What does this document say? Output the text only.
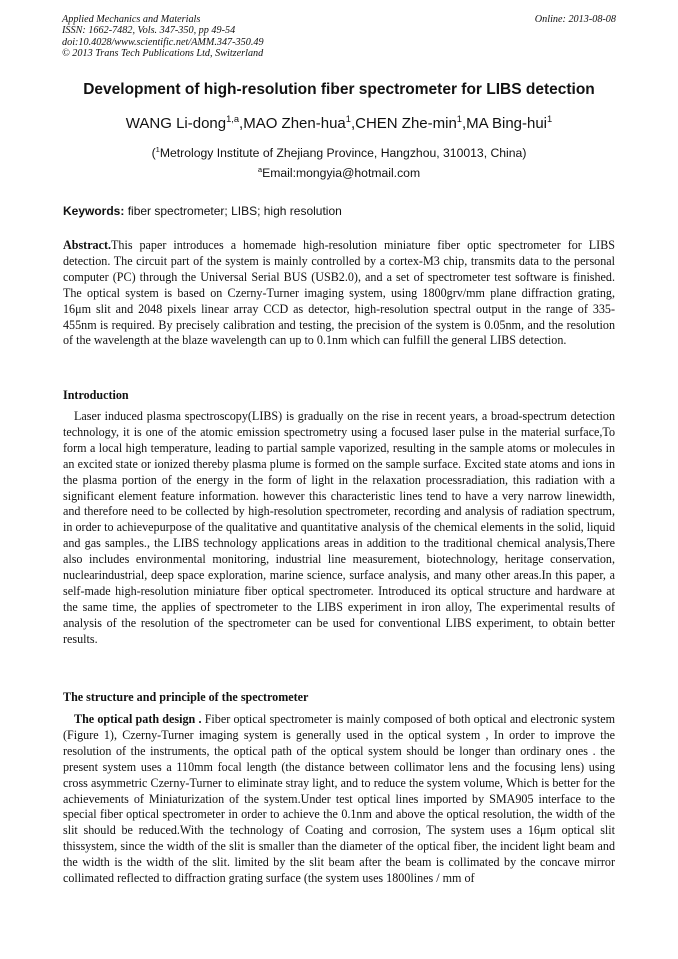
Applied Mechanics and Materials
ISSN: 1662-7482, Vols. 347-350, pp 49-54
doi:10.4028/www.scientific.net/AMM.347-350.49
© 2013 Trans Tech Publications Ltd, Switzerland
Online: 2013-08-08
Development of high-resolution fiber spectrometer for LIBS detection
WANG Li-dong$^{1,a}$,MAO Zhen-hua$^1$,CHEN Zhe-$\min^1,MA$ Bing-hui$^1$
($^1$Metrology Institute of Zhejiang Province, Hangzhou, 310013, China)
$^a$Email:mongyia@hotmail.com
Keywords: fiber spectrometer; LIBS; high resolution
Abstract.This paper introduces a homemade high-resolution miniature fiber optic spectrometer for LIBS detection. The circuit part of the system is mainly controlled by a cortex-M3 chip, transmits data to the personal computer (PC) through the Universal Serial BUS (USB2.0), and a set of spectrometer test software is finished. The optical system is based on Czerny-Turner imaging system, using 1800grv/mm plane diffraction grating, 16μm slit and 2048 pixels linear array CCD as detector, high-resolution spectral output in the range of 335-455nm is required. By precisely calibration and testing, the precision of the system is 0.05nm, and the resolution of the wavelength at the blaze wavelength can up to 0.1nm which can fulfill the general LIBS detection.
Introduction
Laser induced plasma spectroscopy(LIBS) is gradually on the rise in recent years, a broad-spectrum detection technology, it is one of the atomic emission spectrometry using a focused laser pulse in the material surface,To form a local high temperature, leading to partial sample vaporized, resulting in the sample atoms or molecules in an excited state or ionized thereby plasma plume is formed on the sample surface. Excited state atoms and ions in the plasma portion of the energy in the form of light in the relaxation processradiation, this radiation with a significant element feature information. however this characteristic lines tend to have a very narrow linewidth, and therefore need to be collected by high-resolution spectrometer, recording and analysis of radiation spectrum, in order to achievepurpose of the qualitative and quantitative analysis of the chemical elements in the solid, liquid and gas samples., the LIBS technology applications areas in addition to the traditional chemical analysis,There also includes environmental monitoring, industrial line measurement, biotechnology, heritage conservation, nuclearindustrial, deep space exploration, marine science, surface analysis, and many other areas.In this paper, a self-made high-resolution miniature fiber optical spectrometer. Introduced its optical structure and hardware at the same time, the applies of spectrometer to the LIBS experiment in iron alloy, The experimental results of analysis of the resolution of the spectrometer can be used for conventional LIBS experiment, to obtain better results.
The structure and principle of the spectrometer
The optical path design . Fiber optical spectrometer is mainly composed of both optical and electronic system (Figure 1), Czerny-Turner imaging system is generally used in the optical system , In order to improve the resolution of the instruments, the optical path of the optical system should be longer than ordinary ones . the present system uses a 110mm focal length (the distance between collimator lens and the focusing lens) using cross asymmetric Czerny-Turner to eliminate stray light, and to reduce the system volume, Which is better for the achievements of Miniaturization of the system.Under test optical lines imported by SMA905 interface to the special fiber optical spectrometer in order to achieve the 0.1nm and above the optical resolution, the width of the slit should be reduced.With the technology of Coating and corrosion, The system uses a 16μm optical slit thissystem, since the width of the slit is smaller than the diameter of the optical fiber, the incident light beam and the width is the width of the slit. limited by the slit beam after the beam is collimated by the concave mirror collimated reflected to diffraction grating surface (the system uses 1800lines / mm of
